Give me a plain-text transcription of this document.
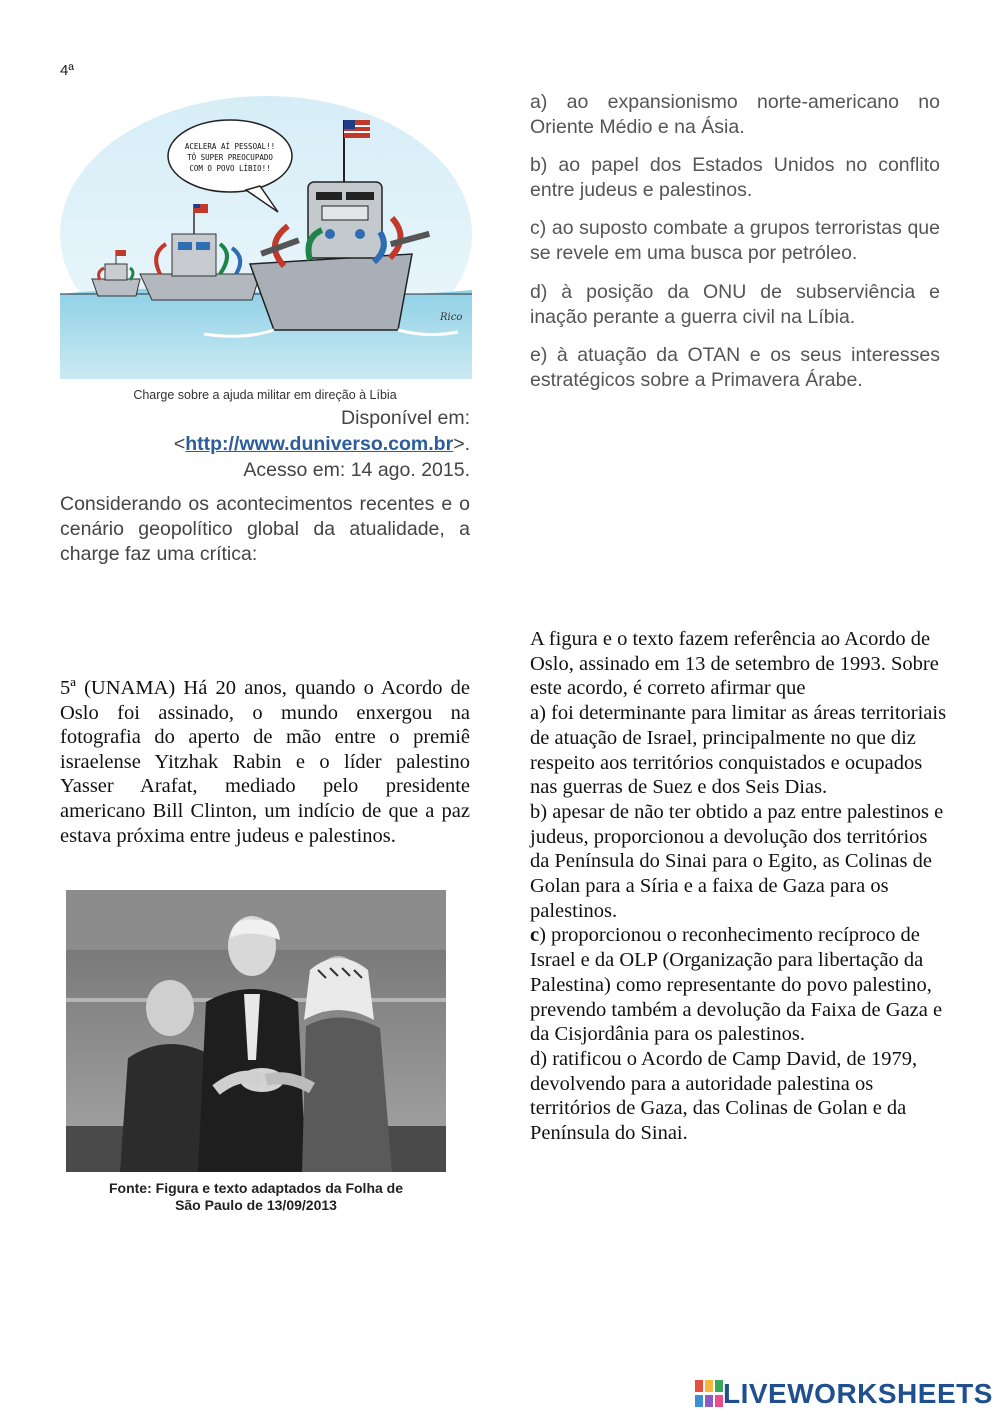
4ª
ACELERA AÍ PESSOAL!!
TÔ SUPER PREOCUPADO
COM O POVO LÍBIO!!
Rico
Charge sobre a ajuda militar em direção à Líbia
Disponível em:
<http://www.duniverso.com.br>.
Acesso em: 14 ago. 2015.
Considerando os acontecimentos recentes e o cenário geopolítico global da atualidade, a charge faz uma crítica:
a) ao expansionismo norte-americano no Oriente Médio e na Ásia.
b) ao papel dos Estados Unidos no conflito entre judeus e palestinos.
c) ao suposto combate a grupos terroristas que se revele em uma busca por petróleo.
d) à posição da ONU de subserviência e inação perante a guerra civil na Líbia.
e) à atuação da OTAN e os seus interesses estratégicos sobre a Primavera Árabe.
5ª (UNAMA) Há 20 anos, quando o Acordo de Oslo foi assinado, o mundo enxergou na fotografia do aperto de mão entre o premiê israelense Yitzhak Rabin e o líder palestino Yasser Arafat, mediado pelo presidente americano Bill Clinton, um indício de que a paz estava próxima entre judeus e palestinos.
Fonte: Figura e texto adaptados da Folha de
São Paulo de 13/09/2013

A figura e o texto fazem referência ao Acordo de Oslo, assinado em 13 de setembro de 1993. Sobre este acordo, é correto afirmar que

a) foi determinante para limitar as áreas territoriais de atuação de Israel, principalmente no que diz respeito aos territórios conquistados e ocupados nas guerras de Suez e dos Seis Dias.

b) apesar de não ter obtido a paz entre palestinos e judeus, proporcionou a devolução dos territórios da Península do Sinai para o Egito, as Colinas de Golan para a Síria e a faixa de Gaza para os palestinos.

c) proporcionou o reconhecimento recíproco de Israel e da OLP (Organização para libertação da Palestina) como representante do povo palestino, prevendo também a devolução da Faixa de Gaza e da Cisjordânia para os palestinos.

d) ratificou o Acordo de Camp David, de 1979, devolvendo para a autoridade palestina os territórios de Gaza, das Colinas de Golan e da Península do Sinai.

LIVEWORKSHEETS
